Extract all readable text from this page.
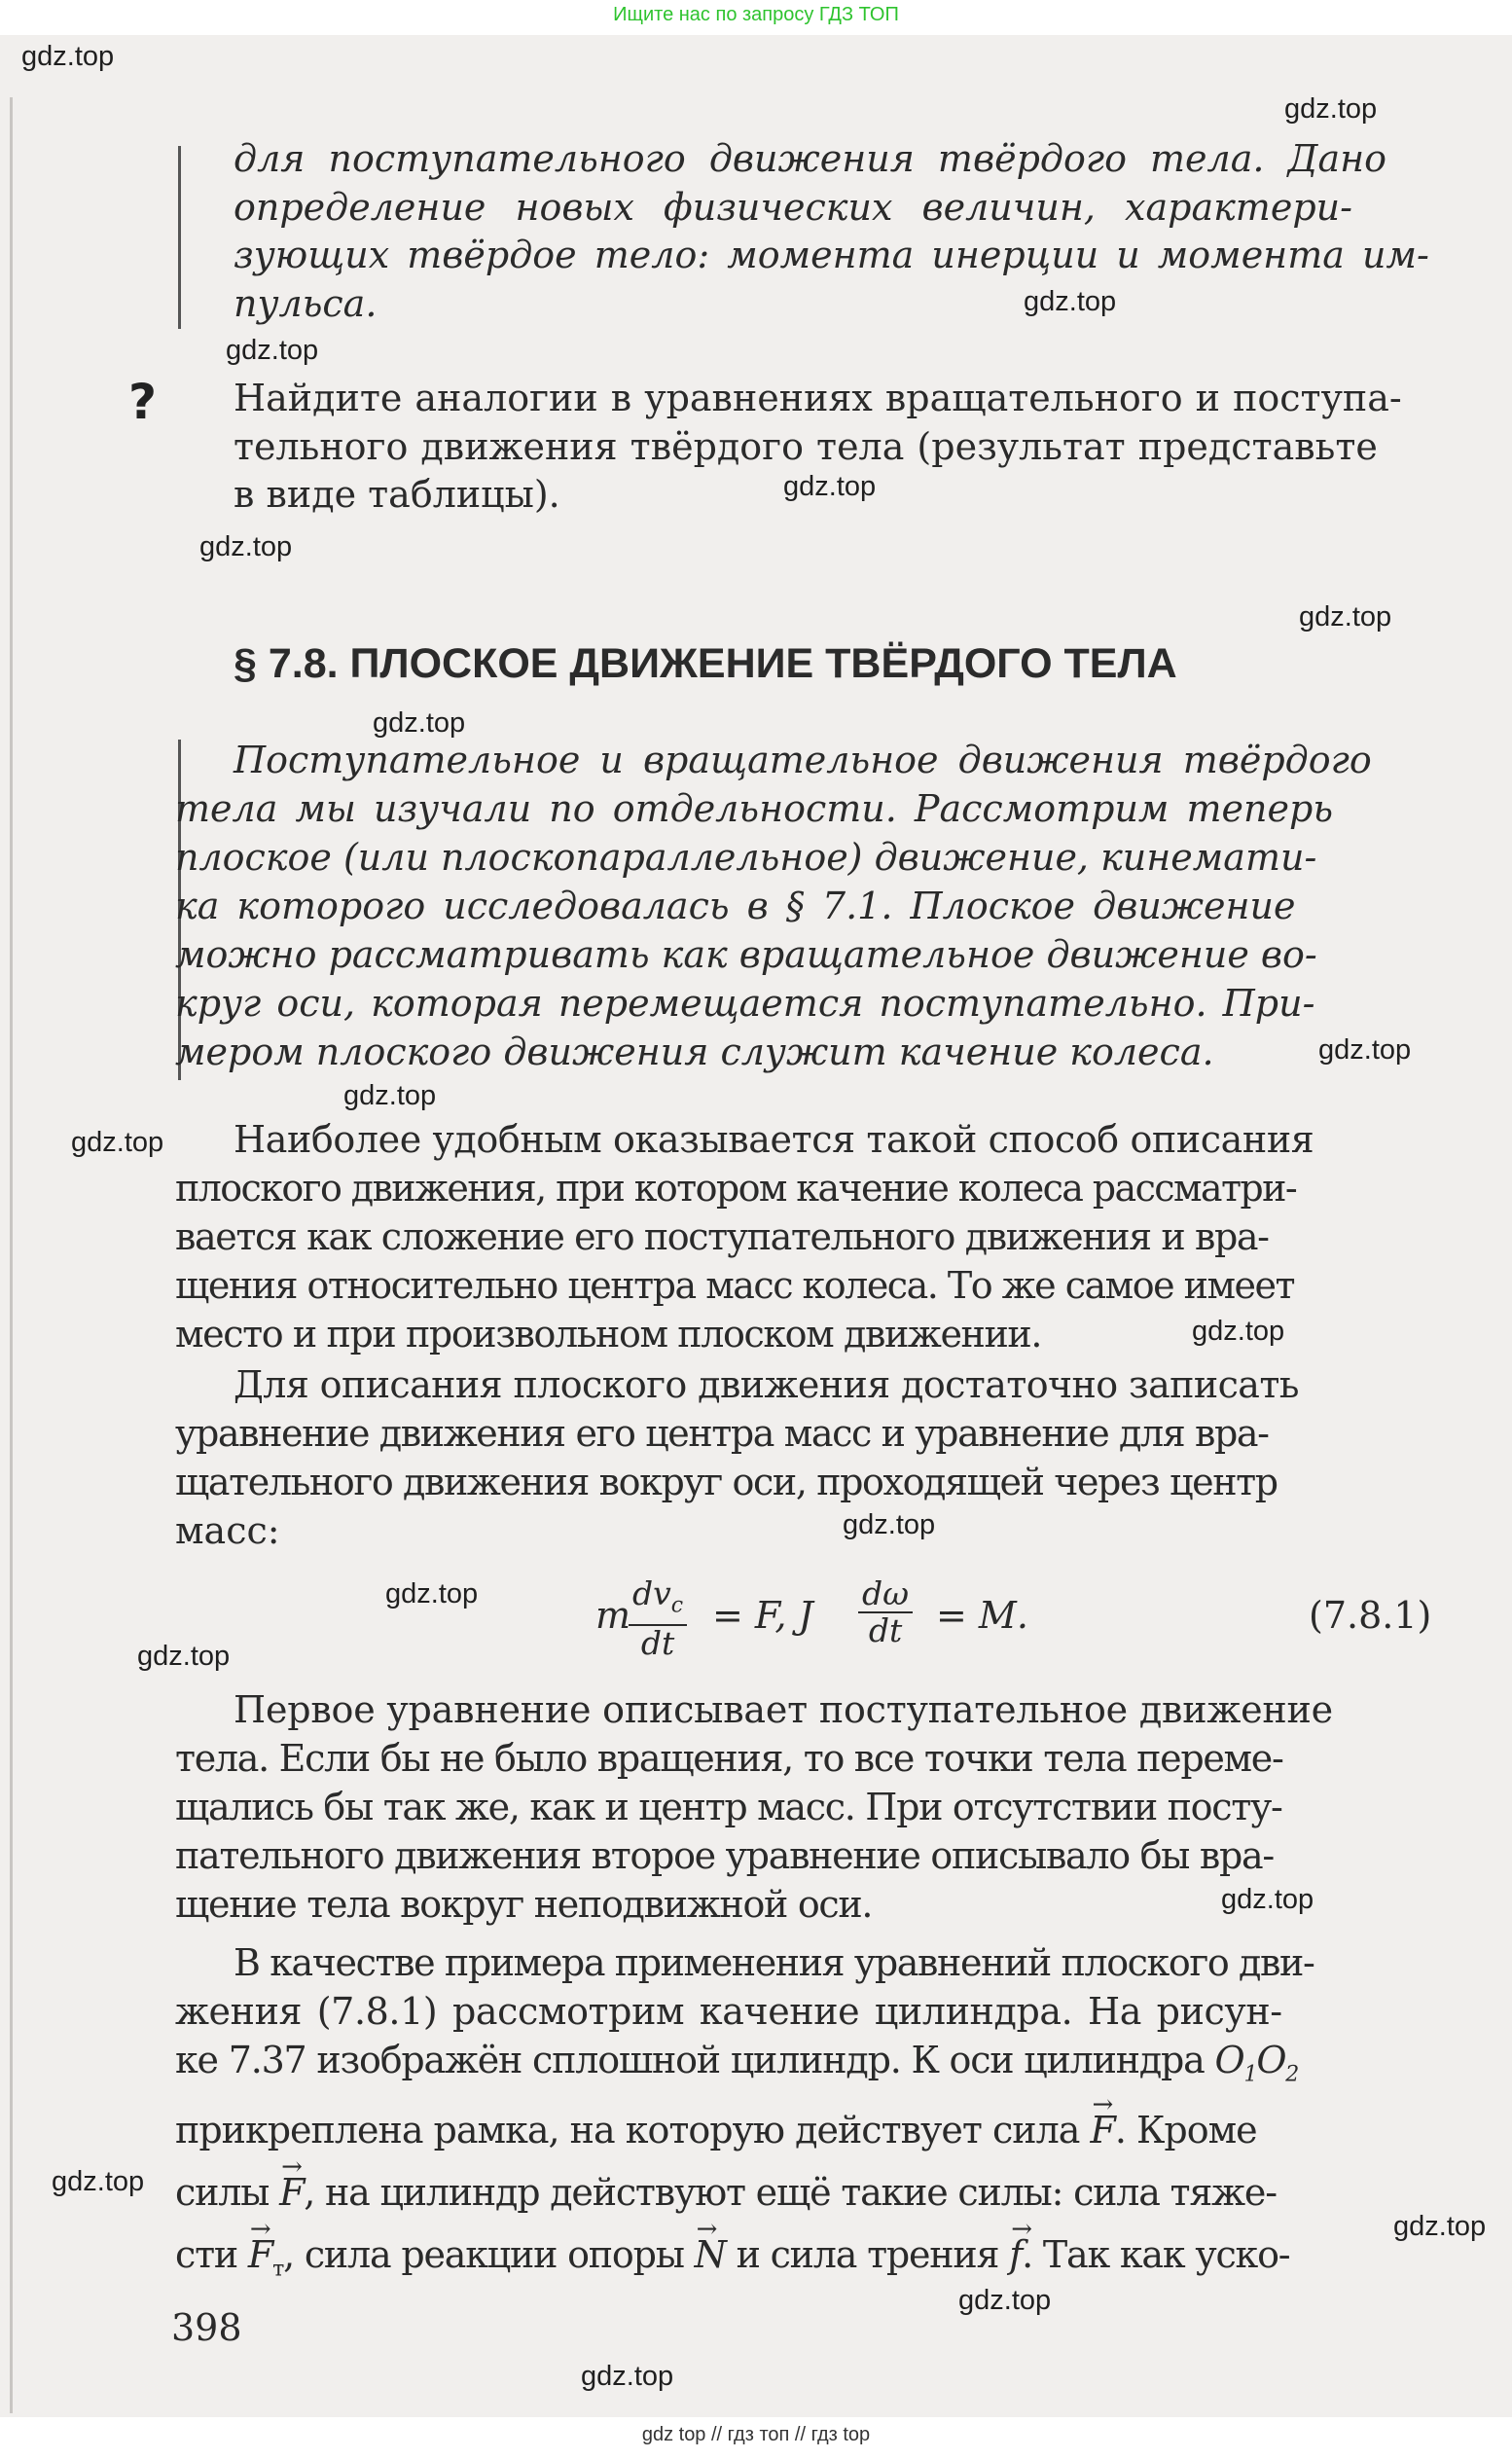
Ищите нас по запросу ГДЗ ТОП
для поступательного движения твёрдого тела. Дано
определение новых физических величин, характери-
зующих твёрдое тело: момента инерции и момента им-
пульса.
? Найдите аналогии в уравнениях вращательного и поступа-
тельного движения твёрдого тела (результат представьте
в виде таблицы).
§ 7.8. ПЛОСКОЕ ДВИЖЕНИЕ ТВЁРДОГО ТЕЛА
Поступательное и вращательное движения твёрдого
тела мы изучали по отдельности. Рассмотрим теперь
плоское (или плоскопараллельное) движение, кинемати-
ка которого исследовалась в § 7.1. Плоское движение
можно рассматривать как вращательное движение во-
круг оси, которая перемещается поступательно. При-
мером плоского движения служит качение колеса.
Наиболее удобным оказывается такой способ описания
плоского движения, при котором качение колеса рассматри-
вается как сложение его поступательного движения и вра-
щения относительно центра масс колеса. То же самое имеет
место и при произвольном плоском движении.
Для описания плоского движения достаточно записать
уравнение движения его центра масс и уравнение для вра-
щательного движения вокруг оси, проходящей через центр
масс:
m
$dv_c$
dt
= F, J $\frac{d\omega}{dt} = M$.	(7.8.1)
Первое уравнение описывает поступательное движение
тела. Если бы не было вращения, то все точки тела переме-
щались бы так же, как и центр масс. При отсутствии посту-
пательного движения второе уравнение описывало бы вра-
щение тела вокруг неподвижной оси.
В качестве примера применения уравнений плоского дви-
жения (7.8.1) рассмотрим качение цилиндра. На рисун-
ке 7.37 изображён сплошной цилиндр. К оси цилиндра $O_1O_2$
прикреплена рамка, на которую действует сила → F. Кроме
силы → F, на цилиндр действуют ещё такие силы: сила тяже-
сти → $F_т$, сила реакции опоры → N и сила трения → f. Так как уско-
398
gdz.top
gdz.top
gdz.top
gdz.top
gdz.top
gdz.top
gdz.top
gdz.top
gdz.top
gdz.top
gdz.top
gdz.top
gdz.top
gdz.top
gdz.top
gdz.top
gdz.top
gdz.top
gdz.top
gdz.top
gdz top // гдз топ // гдз top
